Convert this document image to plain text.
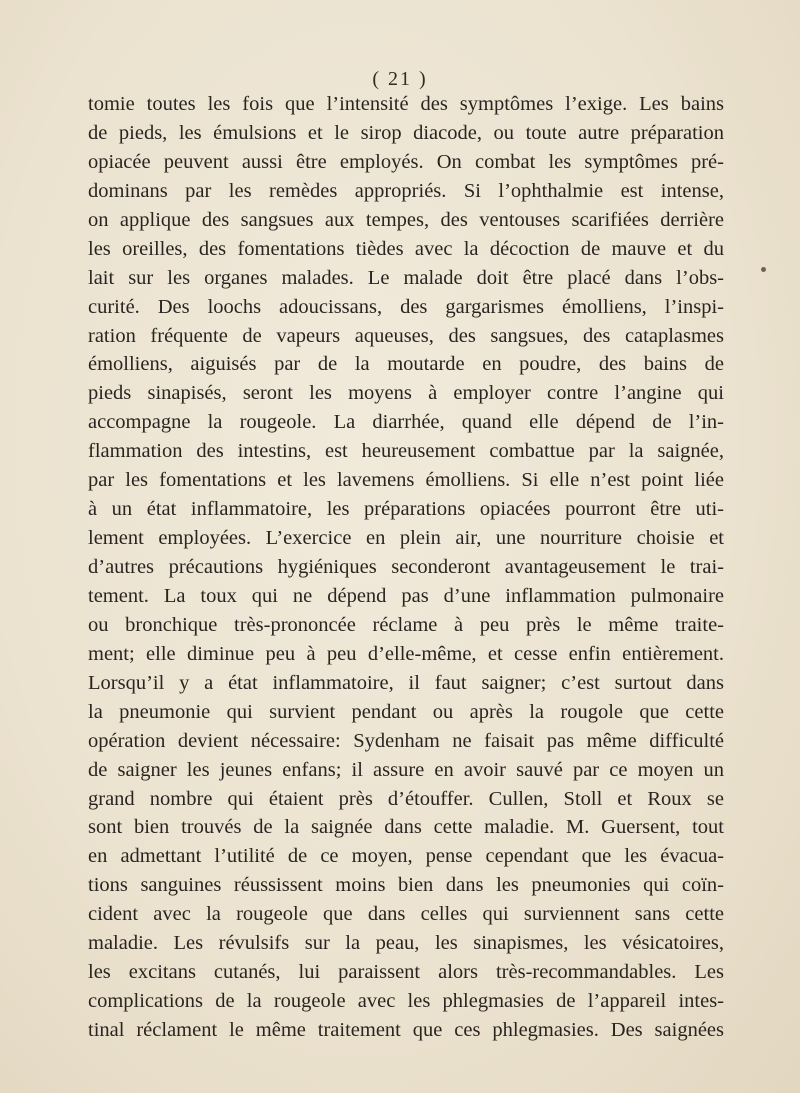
( 21 )
tomie toutes les fois que l’intensité des symptômes l’exige. Les bains
de pieds, les émulsions et le sirop diacode, ou toute autre préparation
opiacée peuvent aussi être employés. On combat les symptômes pré-
dominans par les remèdes appropriés. Si l’ophthalmie est intense,
on applique des sangsues aux tempes, des ventouses scarifiées derrière
les oreilles, des fomentations tièdes avec la décoction de mauve et du
lait sur les organes malades. Le malade doit être placé dans l’obs-
curité. Des loochs adoucissans, des gargarismes émolliens, l’inspi-
ration fréquente de vapeurs aqueuses, des sangsues, des cataplasmes
émolliens, aiguisés par de la moutarde en poudre, des bains de
pieds sinapisés, seront les moyens à employer contre l’angine qui
accompagne la rougeole. La diarrhée, quand elle dépend de l’in-
flammation des intestins, est heureusement combattue par la saignée,
par les fomentations et les lavemens émolliens. Si elle n’est point liée
à un état inflammatoire, les préparations opiacées pourront être uti-
lement employées. L’exercice en plein air, une nourriture choisie et
d’autres précautions hygiéniques seconderont avantageusement le trai-
tement. La toux qui ne dépend pas d’une inflammation pulmonaire
ou bronchique très-prononcée réclame à peu près le même traite-
ment; elle diminue peu à peu d’elle-même, et cesse enfin entièrement.
Lorsqu’il y a état inflammatoire, il faut saigner; c’est surtout dans
la pneumonie qui survient pendant ou après la rougole que cette
opération devient nécessaire: Sydenham ne faisait pas même difficulté
de saigner les jeunes enfans; il assure en avoir sauvé par ce moyen un
grand nombre qui étaient près d’étouffer. Cullen, Stoll et Roux se
sont bien trouvés de la saignée dans cette maladie. M. Guersent, tout
en admettant l’utilité de ce moyen, pense cependant que les évacua-
tions sanguines réussissent moins bien dans les pneumonies qui coïn-
cident avec la rougeole que dans celles qui surviennent sans cette
maladie. Les révulsifs sur la peau, les sinapismes, les vésicatoires,
les excitans cutanés, lui paraissent alors très-recommandables. Les
complications de la rougeole avec les phlegmasies de l’appareil intes-
tinal réclament le même traitement que ces phlegmasies. Des saignées
